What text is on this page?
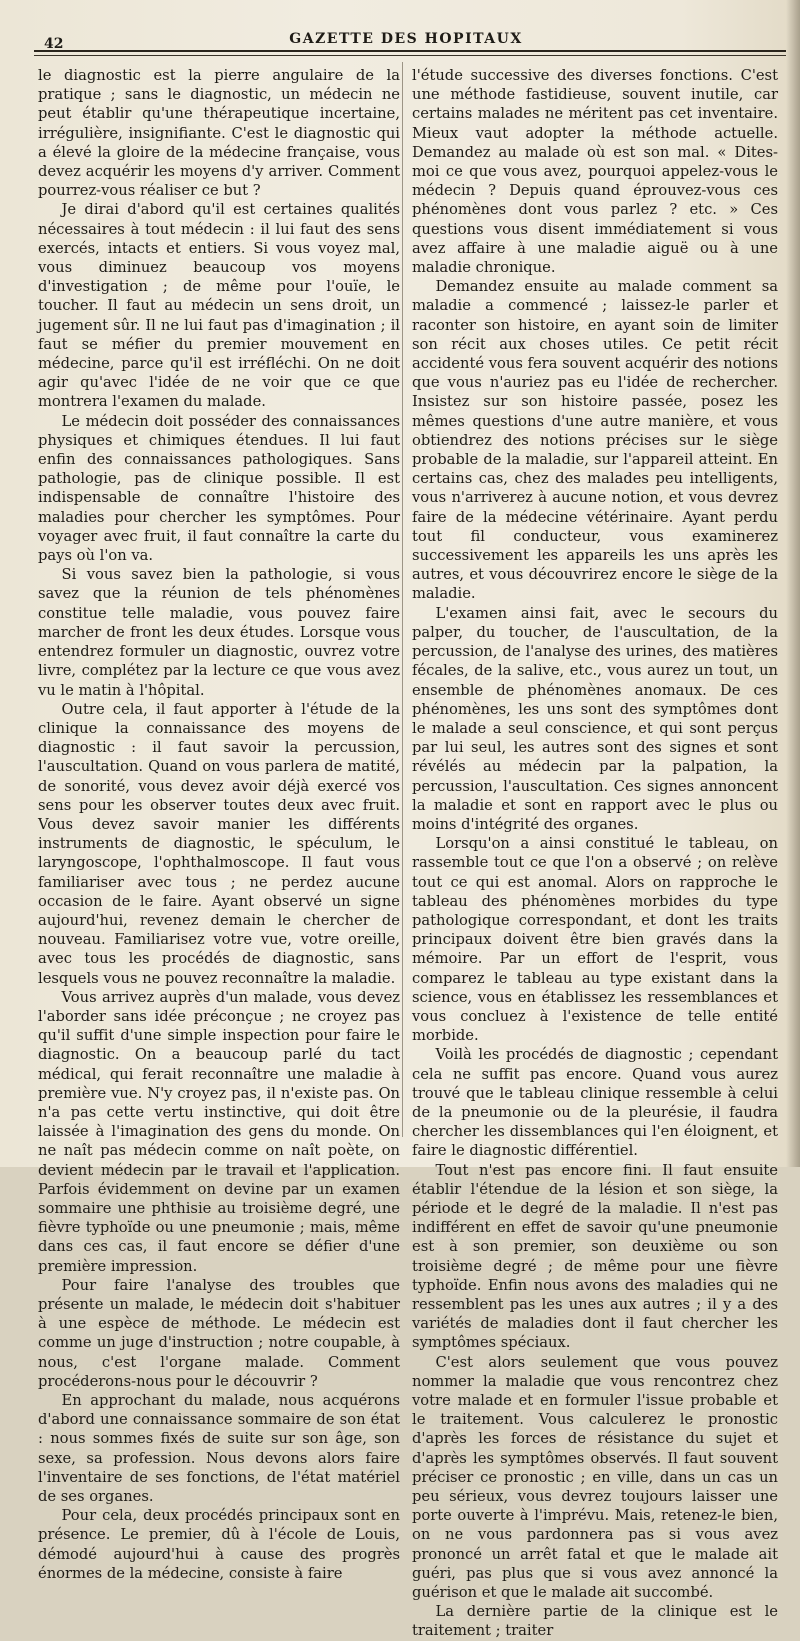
42	GAZETTE DES HOPITAUX

le diagnostic est la pierre angulaire de la pratique ; sans le diagnostic, un médecin ne peut établir qu'une thérapeutique incertaine, irrégulière, insignifiante. C'est le diagnostic qui a élevé la gloire de la médecine française, vous devez acquérir les moyens d'y arriver. Comment pourrez-vous réaliser ce but ?

Je dirai d'abord qu'il est certaines qualités nécessaires à tout médecin : il lui faut des sens exercés, intacts et entiers. Si vous voyez mal, vous diminuez beaucoup vos moyens d'investigation ; de même pour l'ouïe, le toucher. Il faut au médecin un sens droit, un jugement sûr. Il ne lui faut pas d'imagination ; il faut se méfier du premier mouvement en médecine, parce qu'il est irréfléchi. On ne doit agir qu'avec l'idée de ne voir que ce que montrera l'examen du malade.

Le médecin doit posséder des connaissances physiques et chimiques étendues. Il lui faut enfin des connaissances pathologiques. Sans pathologie, pas de clinique possible. Il est indispensable de connaître l'histoire des maladies pour chercher les symptômes. Pour voyager avec fruit, il faut connaître la carte du pays où l'on va.

Si vous savez bien la pathologie, si vous savez que la réunion de tels phénomènes constitue telle maladie, vous pouvez faire marcher de front les deux études. Lorsque vous entendrez formuler un diagnostic, ouvrez votre livre, complétez par la lecture ce que vous avez vu le matin à l'hôpital.

Outre cela, il faut apporter à l'étude de la clinique la connaissance des moyens de diagnostic : il faut savoir la percussion, l'auscultation. Quand on vous parlera de matité, de sonorité, vous devez avoir déjà exercé vos sens pour les observer toutes deux avec fruit. Vous devez savoir manier les différents instruments de diagnostic, le spéculum, le laryngoscope, l'ophthalmoscope. Il faut vous familiariser avec tous ; ne perdez aucune occasion de le faire. Ayant observé un signe aujourd'hui, revenez demain le chercher de nouveau. Familiarisez votre vue, votre oreille, avec tous les procédés de diagnostic, sans lesquels vous ne pouvez reconnaître la maladie.

Vous arrivez auprès d'un malade, vous devez l'aborder sans idée préconçue ; ne croyez pas qu'il suffit d'une simple inspection pour faire le diagnostic. On a beaucoup parlé du tact médical, qui ferait reconnaître une maladie à première vue. N'y croyez pas, il n'existe pas. On n'a pas cette vertu instinctive, qui doit être laissée à l'imagination des gens du monde. On ne naît pas médecin comme on naît poète, on devient médecin par le travail et l'application. Parfois évidemment on devine par un examen sommaire une phthisie au troisième degré, une fièvre typhoïde ou une pneumonie ; mais, même dans ces cas, il faut encore se défier d'une première impression.

Pour faire l'analyse des troubles que présente un malade, le médecin doit s'habituer à une espèce de méthode. Le médecin est comme un juge d'instruction ; notre coupable, à nous, c'est l'organe malade. Comment procéderons-nous pour le découvrir ?

En approchant du malade, nous acquérons d'abord une connaissance sommaire de son état : nous sommes fixés de suite sur son âge, son sexe, sa profession. Nous devons alors faire l'inventaire de ses fonctions, de l'état matériel de ses organes.

Pour cela, deux procédés principaux sont en présence. Le premier, dû à l'école de Louis, démodé aujourd'hui à cause des progrès énormes de la médecine, consiste à faire

l'étude successive des diverses fonctions. C'est une méthode fastidieuse, souvent inutile, car certains malades ne méritent pas cet inventaire. Mieux vaut adopter la méthode actuelle. Demandez au malade où est son mal. « Dites-moi ce que vous avez, pourquoi appelez-vous le médecin ? Depuis quand éprouvez-vous ces phénomènes dont vous parlez ? etc. » Ces questions vous disent immédiatement si vous avez affaire à une maladie aiguë ou à une maladie chronique.

Demandez ensuite au malade comment sa maladie a commencé ; laissez-le parler et raconter son histoire, en ayant soin de limiter son récit aux choses utiles. Ce petit récit accidenté vous fera souvent acquérir des notions que vous n'auriez pas eu l'idée de rechercher. Insistez sur son histoire passée, posez les mêmes questions d'une autre manière, et vous obtiendrez des notions précises sur le siège probable de la maladie, sur l'appareil atteint. En certains cas, chez des malades peu intelligents, vous n'arriverez à aucune notion, et vous devrez faire de la médecine vétérinaire. Ayant perdu tout fil conducteur, vous examinerez successivement les appareils les uns après les autres, et vous découvrirez encore le siège de la maladie.

L'examen ainsi fait, avec le secours du palper, du toucher, de l'auscultation, de la percussion, de l'analyse des urines, des matières fécales, de la salive, etc., vous aurez un tout, un ensemble de phénomènes anomaux. De ces phénomènes, les uns sont des symptômes dont le malade a seul conscience, et qui sont perçus par lui seul, les autres sont des signes et sont révélés au médecin par la palpation, la percussion, l'auscultation. Ces signes annoncent la maladie et sont en rapport avec le plus ou moins d'intégrité des organes.

Lorsqu'on a ainsi constitué le tableau, on rassemble tout ce que l'on a observé ; on relève tout ce qui est anomal. Alors on rapproche le tableau des phénomènes morbides du type pathologique correspondant, et dont les traits principaux doivent être bien gravés dans la mémoire. Par un effort de l'esprit, vous comparez le tableau au type existant dans la science, vous en établissez les ressemblances et vous concluez à l'existence de telle entité morbide.

Voilà les procédés de diagnostic ; cependant cela ne suffit pas encore. Quand vous aurez trouvé que le tableau clinique ressemble à celui de la pneumonie ou de la pleurésie, il faudra chercher les dissemblances qui l'en éloignent, et faire le diagnostic différentiel.

Tout n'est pas encore fini. Il faut ensuite établir l'étendue de la lésion et son siège, la période et le degré de la maladie. Il n'est pas indifférent en effet de savoir qu'une pneumonie est à son premier, son deuxième ou son troisième degré ; de même pour une fièvre typhoïde. Enfin nous avons des maladies qui ne ressemblent pas les unes aux autres ; il y a des variétés de maladies dont il faut chercher les symptômes spéciaux.

C'est alors seulement que vous pouvez nommer la maladie que vous rencontrez chez votre malade et en formuler l'issue probable et le traitement. Vous calculerez le pronostic d'après les forces de résistance du sujet et d'après les symptômes observés. Il faut souvent préciser ce pronostic ; en ville, dans un cas un peu sérieux, vous devrez toujours laisser une porte ouverte à l'imprévu. Mais, retenez-le bien, on ne vous pardonnera pas si vous avez prononcé un arrêt fatal et que le malade ait guéri, pas plus que si vous avez annoncé la guérison et que le malade ait succombé.

La dernière partie de la clinique est le traitement ; traiter
